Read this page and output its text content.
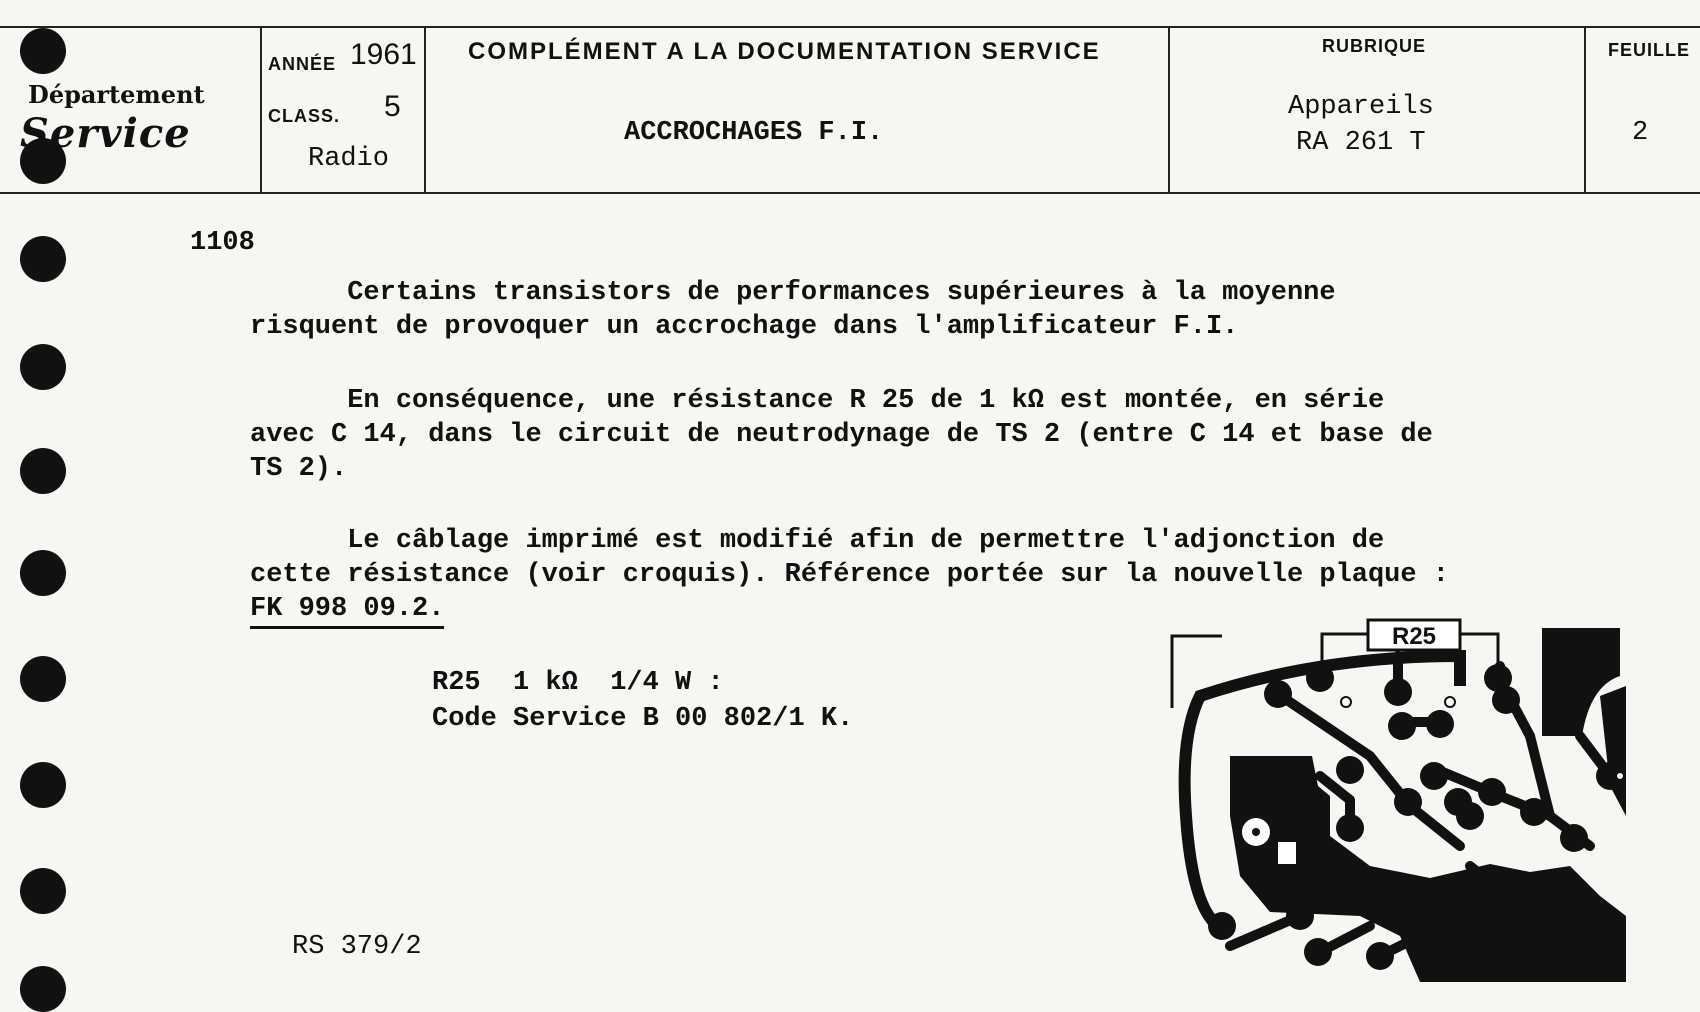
Département
Service
ANNÉE 1961
CLASS. 5
Radio
COMPLÉMENT A LA DOCUMENTATION SERVICE
ACCROCHAGES F.I.
RUBRIQUE
Appareils
RA 261 T
FEUILLE
2
1108
Certains transistors de performances supérieures à la moyenne
risquent de provoquer un accrochage dans l'amplificateur F.I.
En conséquence, une résistance R 25 de 1 kΩ est montée, en série
avec C 14, dans le circuit de neutrodynage de TS 2 (entre C 14 et base de
TS 2).
Le câblage imprimé est modifié afin de permettre l'adjonction de
cette résistance (voir croquis). Référence portée sur la nouvelle plaque :
FK 998 09.2.
R25  1 kΩ  1/4 W :
Code Service B 00 802/1 K.
RS 379/2
R25
